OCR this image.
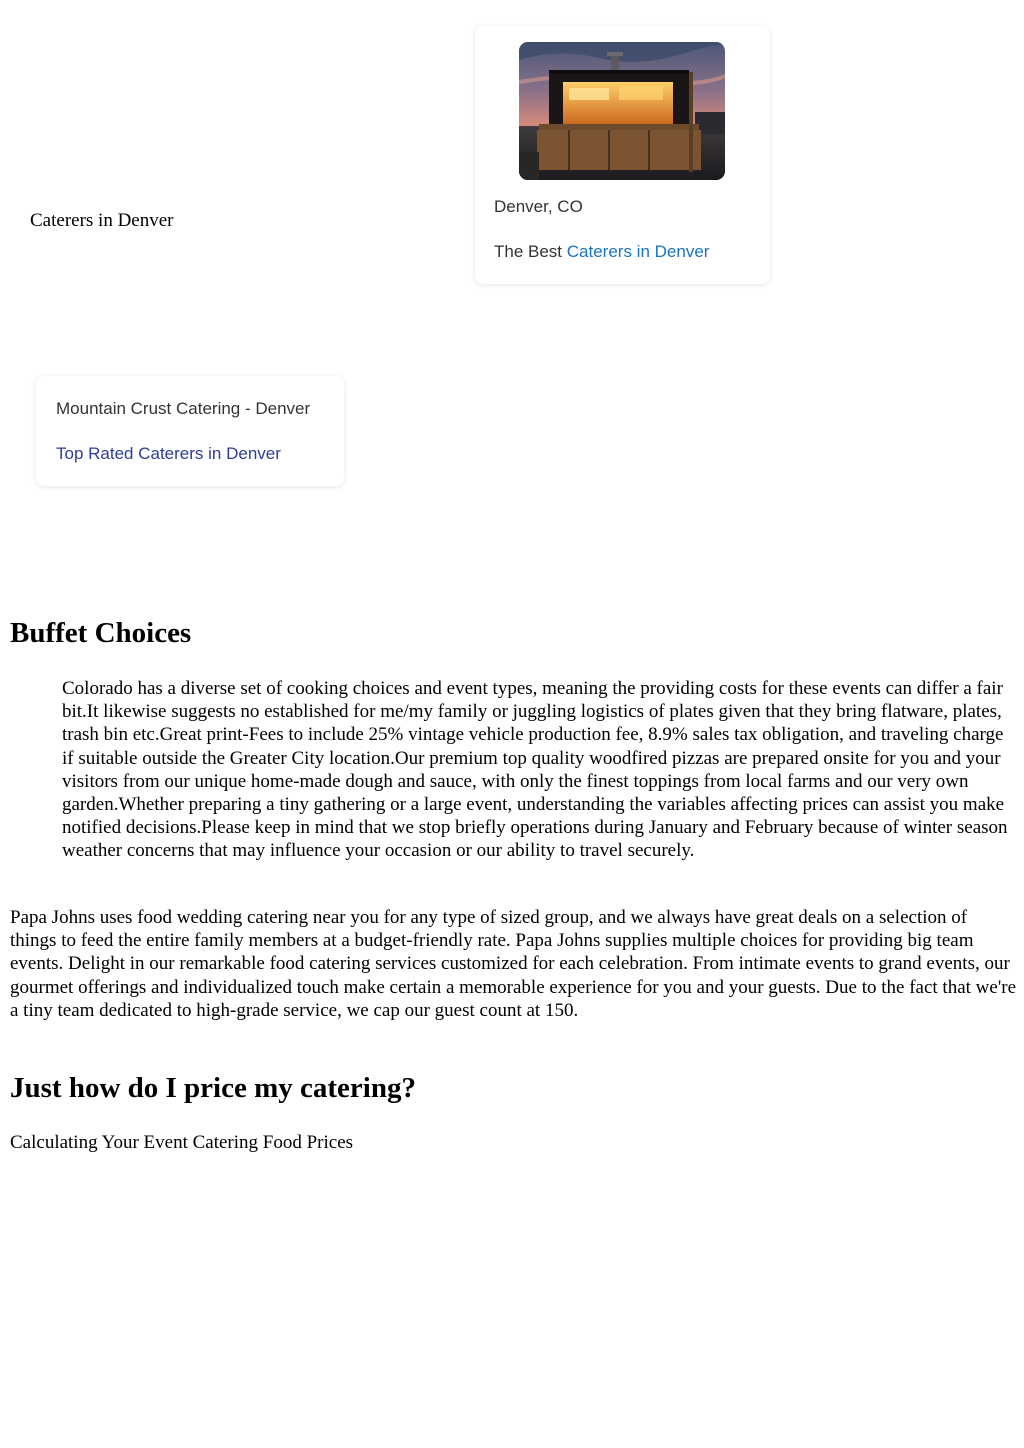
Caterers in Denver
Denver, CO
The Best Caterers in Denver
Mountain Crust Catering - Denver
Top Rated Caterers in Denver
Buffet Choices
Colorado has a diverse set of cooking choices and event types, meaning the providing costs for these events can differ a fair bit.It likewise suggests no established for me/my family or juggling logistics of plates given that they bring flatware, plates, trash bin etc.Great print-Fees to include 25% vintage vehicle production fee, 8.9% sales tax obligation, and traveling charge if suitable outside the Greater City location.Our premium top quality woodfired pizzas are prepared onsite for you and your visitors from our unique home-made dough and sauce, with only the finest toppings from local farms and our very own garden.Whether preparing a tiny gathering or a large event, understanding the variables affecting prices can assist you make notified decisions.Please keep in mind that we stop briefly operations during January and February because of winter season weather concerns that may influence your occasion or our ability to travel securely.

Papa Johns uses food wedding catering near you for any type of sized group, and we always have great deals on a selection of things to feed the entire family members at a budget-friendly rate. Papa Johns supplies multiple choices for providing big team events. Delight in our remarkable food catering services customized for each celebration. From intimate events to grand events, our gourmet offerings and individualized touch make certain a memorable experience for you and your guests. Due to the fact that we're a tiny team dedicated to high-grade service, we cap our guest count at 150.

Just how do I price my catering?

Calculating Your Event Catering Food Prices
